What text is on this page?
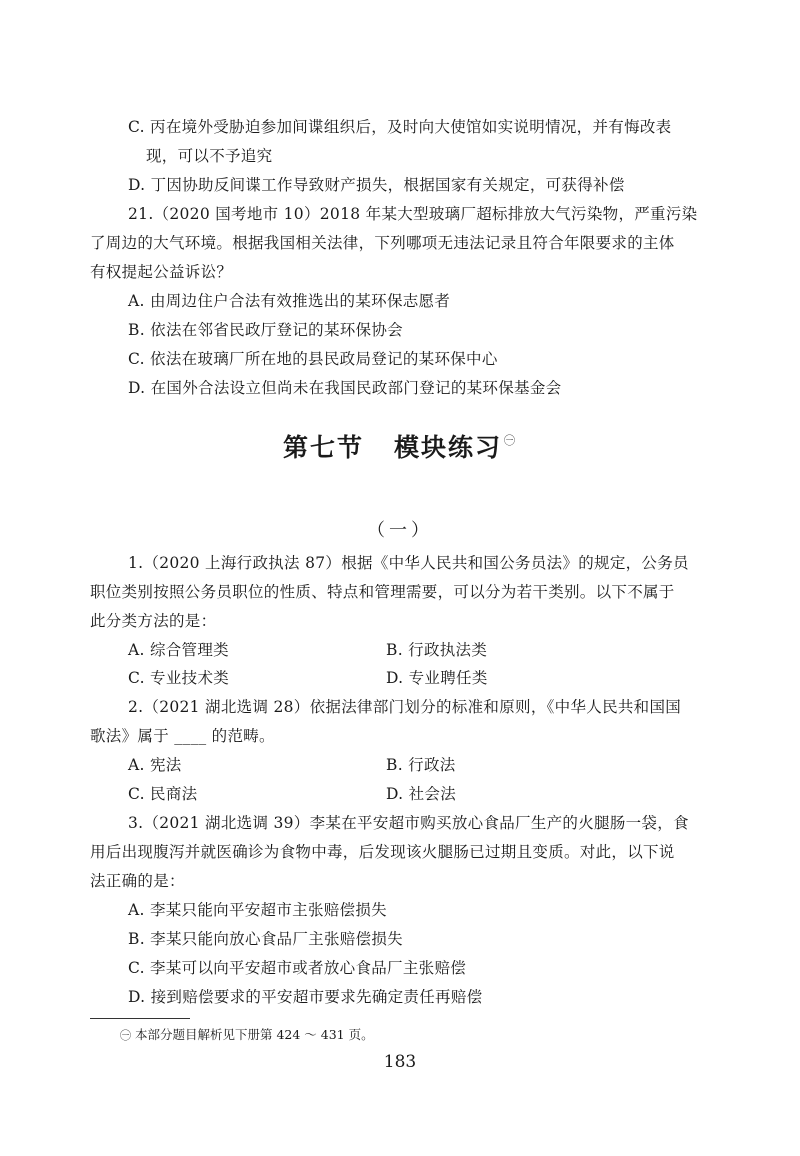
C. 丙在境外受胁迫参加间谍组织后，及时向大使馆如实说明情况，并有悔改表
现，可以不予追究
D. 丁因协助反间谍工作导致财产损失，根据国家有关规定，可获得补偿
21.（2020 国考地市 10）2018 年某大型玻璃厂超标排放大气污染物，严重污染
了周边的大气环境。根据我国相关法律，下列哪项无违法记录且符合年限要求的主体
有权提起公益诉讼？
A. 由周边住户合法有效推选出的某环保志愿者
B. 依法在邻省民政厅登记的某环保协会
C. 依法在玻璃厂所在地的县民政局登记的某环保中心
D. 在国外合法设立但尚未在我国民政部门登记的某环保基金会
第七节 模块练习 $^㊀$
（一）
1.（2020 上海行政执法 87）根据《中华人民共和国公务员法》的规定，公务员
职位类别按照公务员职位的性质、特点和管理需要，可以分为若干类别。以下不属于
此分类方法的是：
A. 综合管理类	B. 行政执法类
C. 专业技术类	D. 专业聘任类
2.（2021 湖北选调 28）依据法律部门划分的标准和原则，《中华人民共和国国
歌法》属于 ____ 的范畴。
A. 宪法	B. 行政法
C. 民商法	D. 社会法
3.（2021 湖北选调 39）李某在平安超市购买放心食品厂生产的火腿肠一袋，食
用后出现腹泻并就医确诊为食物中毒，后发现该火腿肠已过期且变质。对此，以下说
法正确的是：
A. 李某只能向平安超市主张赔偿损失
B. 李某只能向放心食品厂主张赔偿损失
C. 李某可以向平安超市或者放心食品厂主张赔偿
D. 接到赔偿要求的平安超市要求先确定责任再赔偿
㊀ 本部分题目解析见下册第 424 ～ 431 页。
183
